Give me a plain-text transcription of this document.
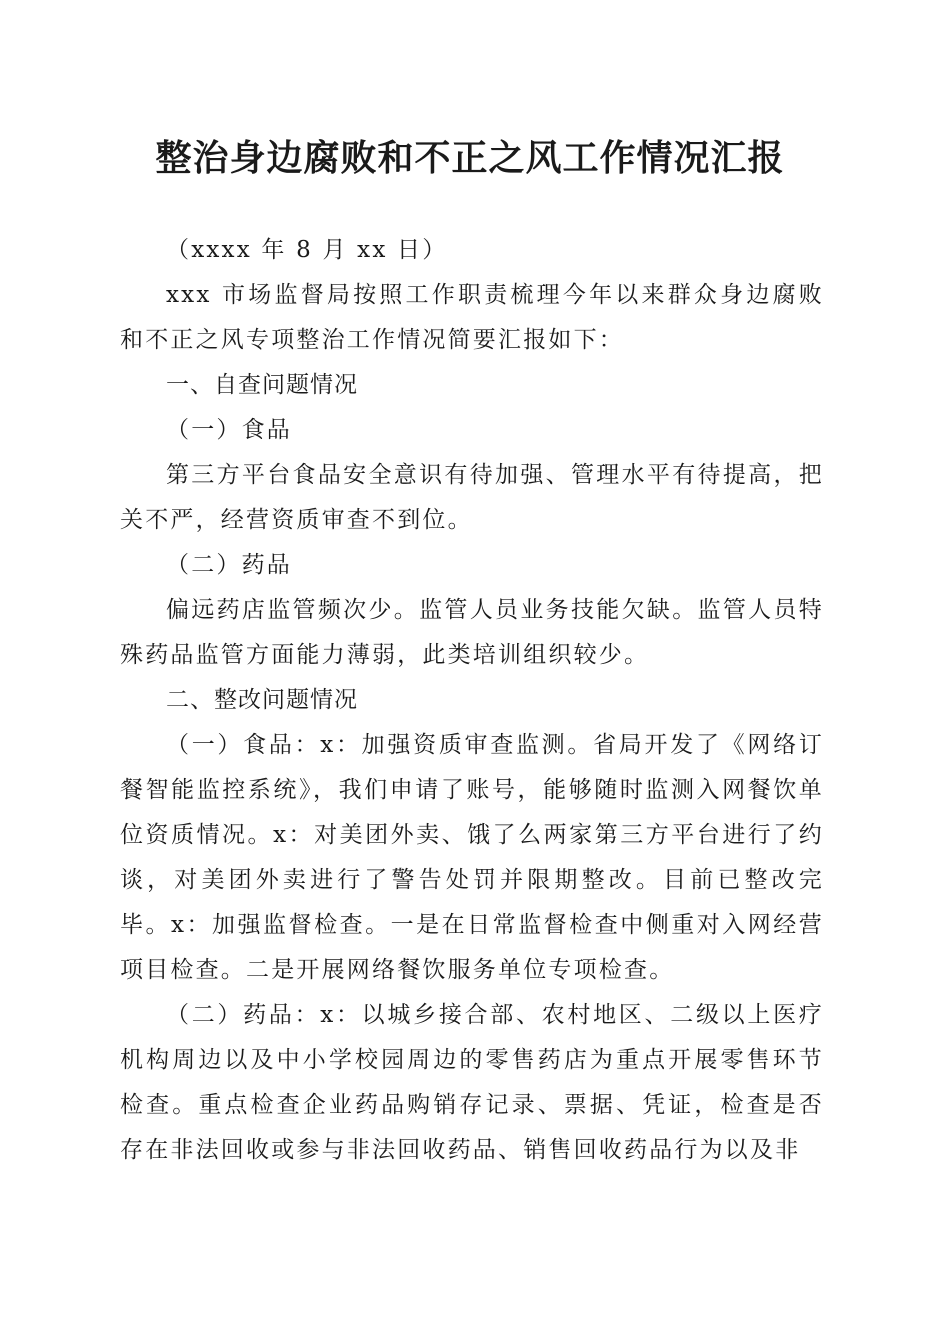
整治身边腐败和不正之风工作情况汇报

（xxxx 年 8 月 xx 日）

xxx 市场监督局按照工作职责梳理今年以来群众身边腐败和不正之风专项整治工作情况简要汇报如下：

一、自查问题情况

（一）食品

第三方平台食品安全意识有待加强、管理水平有待提高，把关不严，经营资质审查不到位。

（二）药品

偏远药店监管频次少。监管人员业务技能欠缺。监管人员特殊药品监管方面能力薄弱，此类培训组织较少。

二、整改问题情况

（一）食品：x：加强资质审查监测。省局开发了《网络订餐智能监控系统》，我们申请了账号，能够随时监测入网餐饮单位资质情况。x：对美团外卖、饿了么两家第三方平台进行了约谈，对美团外卖进行了警告处罚并限期整改。目前已整改完毕。x：加强监督检查。一是在日常监督检查中侧重对入网经营项目检查。二是开展网络餐饮服务单位专项检查。

（二）药品：x：以城乡接合部、农村地区、二级以上医疗机构周边以及中小学校园周边的零售药店为重点开展零售环节检查。重点检查企业药品购销存记录、票据、凭证，检查是否存在非法回收或参与非法回收药品、销售回收药品行为以及非
